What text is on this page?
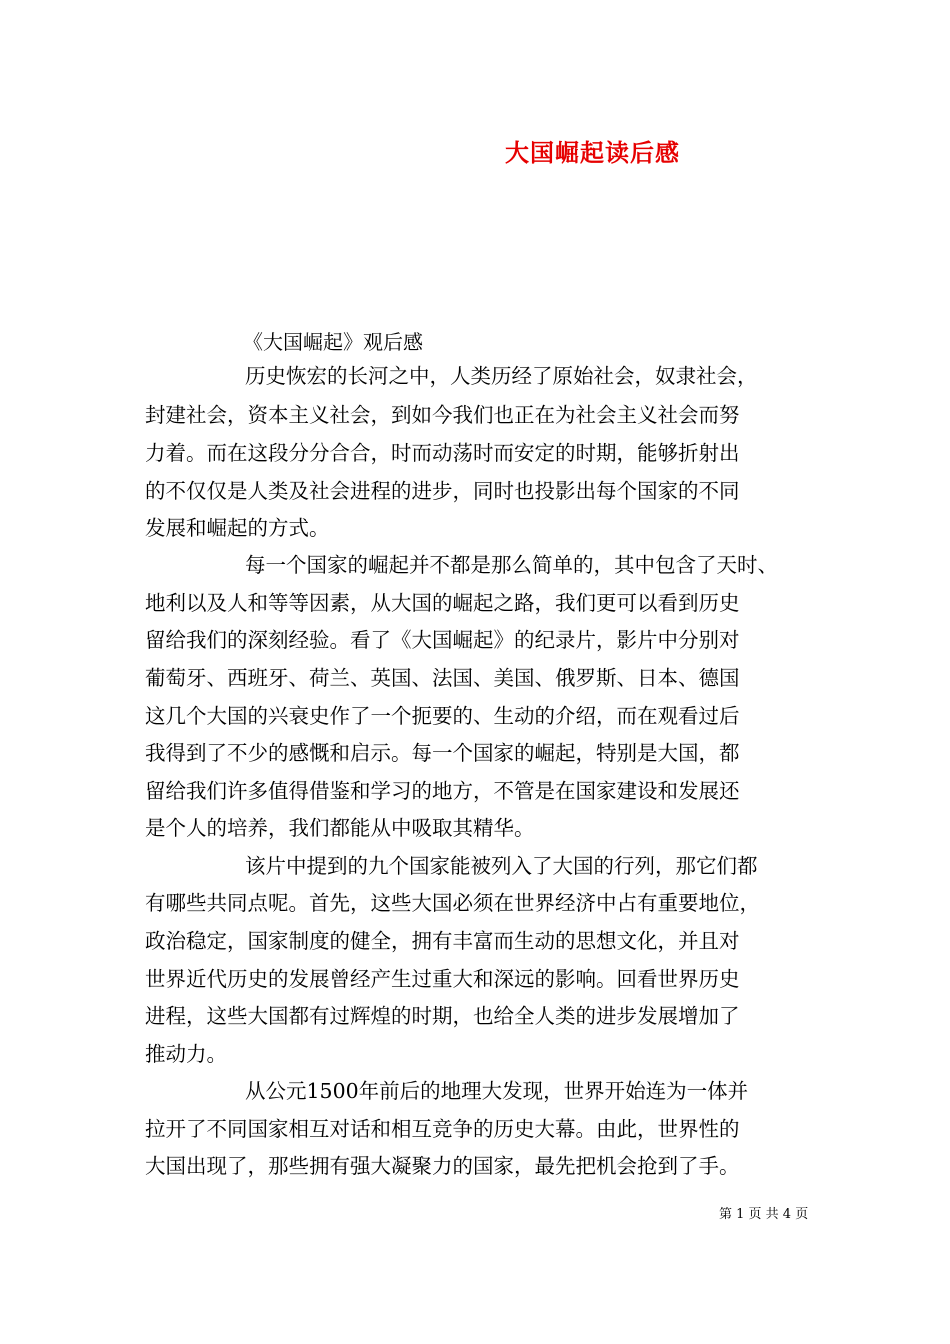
大国崛起读后感
《大国崛起》观后感
历史恢宏的长河之中，人类历经了原始社会，奴隶社会，
封建社会，资本主义社会，到如今我们也正在为社会主义社会而努
力着。而在这段分分合合，时而动荡时而安定的时期，能够折射出
的不仅仅是人类及社会进程的进步，同时也投影出每个国家的不同
发展和崛起的方式。
每一个国家的崛起并不都是那么简单的，其中包含了天时、
地利以及人和等等因素，从大国的崛起之路，我们更可以看到历史
留给我们的深刻经验。看了《大国崛起》的纪录片，影片中分别对
葡萄牙、西班牙、荷兰、英国、法国、美国、俄罗斯、日本、德国
这几个大国的兴衰史作了一个扼要的、生动的介绍，而在观看过后
我得到了不少的感慨和启示。每一个国家的崛起，特别是大国，都
留给我们许多值得借鉴和学习的地方，不管是在国家建设和发展还
是个人的培养，我们都能从中吸取其精华。
该片中提到的九个国家能被列入了大国的行列，那它们都
有哪些共同点呢。首先，这些大国必须在世界经济中占有重要地位，
政治稳定，国家制度的健全，拥有丰富而生动的思想文化，并且对
世界近代历史的发展曾经产生过重大和深远的影响。回看世界历史
进程，这些大国都有过辉煌的时期，也给全人类的进步发展增加了
推动力。
从公元1500年前后的地理大发现，世界开始连为一体并
拉开了不同国家相互对话和相互竞争的历史大幕。由此，世界性的
大国出现了，那些拥有强大凝聚力的国家，最先把机会抢到了手。
第 1 页 共 4 页
